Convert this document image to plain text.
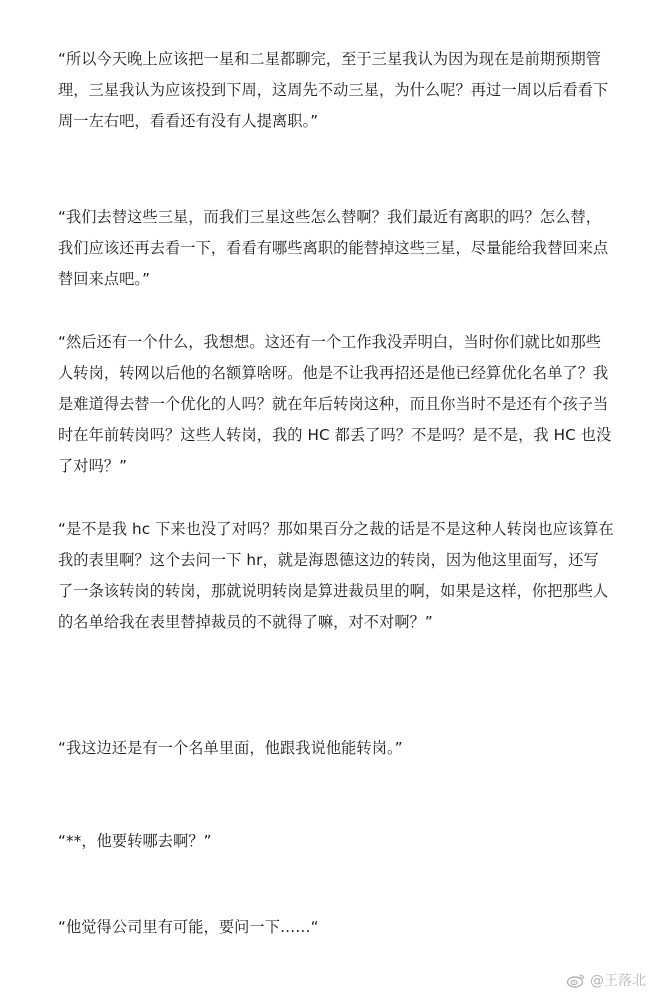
“所以今天晚上应该把一星和二星都聊完，至于三星我认为因为现在是前期预期管理，三星我认为应该投到下周，这周先不动三星，为什么呢？再过一周以后看看下周一左右吧，看看还有没有人提离职。”

“我们去替这些三星，而我们三星这些怎么替啊？我们最近有离职的吗？怎么替，我们应该还再去看一下，看看有哪些离职的能替掉这些三星，尽量能给我替回来点替回来点吧。”

“然后还有一个什么，我想想。这还有一个工作我没弄明白，当时你们就比如那些人转岗，转网以后他的名额算啥呀。他是不让我再招还是他已经算优化名单了？我是难道得去替一个优化的人吗？就在年后转岗这种，而且你当时不是还有个孩子当时在年前转岗吗？这些人转岗，我的 HC 都丢了吗？不是吗？是不是，我 HC 也没了对吗？”

“是不是我 hc 下来也没了对吗？那如果百分之裁的话是不是这种人转岗也应该算在我的表里啊？这个去问一下 hr，就是海恩德这边的转岗，因为他这里面写，还写了一条该转岗的转岗，那就说明转岗是算进裁员里的啊，如果是这样，你把那些人的名单给我在表里替掉裁员的不就得了嘛，对不对啊？”

“我这边还是有一个名单里面，他跟我说他能转岗。”

“**，他要转哪去啊？”

“他觉得公司里有可能，要问一下……“

@王落北
